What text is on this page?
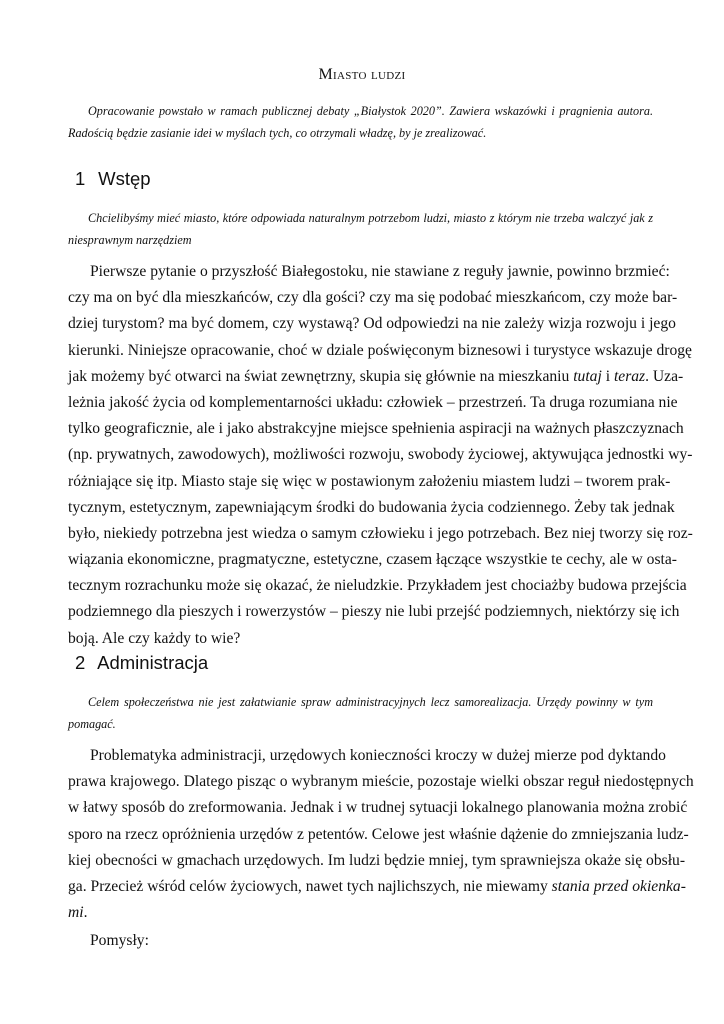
Miasto ludzi
Opracowanie powstało w ramach publicznej debaty „Białystok 2020”. Zawiera wskazówki i pragnienia autora. Radością będzie zasianie idei w myślach tych, co otrzymali władzę, by je zrealizować.
1 Wstęp
Chcielibyśmy mieć miasto, które odpowiada naturalnym potrzebom ludzi, miasto z którym nie trzeba walczyć jak z niesprawnym narzędziem
Pierwsze pytanie o przyszłość Białegostoku, nie stawiane z reguły jawnie, powinno brzmieć:
czy ma on być dla mieszkańców, czy dla gości? czy ma się podobać mieszkańcom, czy może bar-
dziej turystom? ma być domem, czy wystawą? Od odpowiedzi na nie zależy wizja rozwoju i jego
kierunki. Niniejsze opracowanie, choć w dziale poświęconym biznesowi i turystyce wskazuje drogę
jak możemy być otwarci na świat zewnętrzny, skupia się głównie na mieszkaniu tutaj i teraz. Uza-
leżnia jakość życia od komplementarności układu: człowiek – przestrzeń. Ta druga rozumiana nie
tylko geograficznie, ale i jako abstrakcyjne miejsce spełnienia aspiracji na ważnych płaszczyznach
(np. prywatnych, zawodowych), możliwości rozwoju, swobody życiowej, aktywująca jednostki wy-
różniające się itp. Miasto staje się więc w postawionym założeniu miastem ludzi – tworem prak-
tycznym, estetycznym, zapewniającym środki do budowania życia codziennego. Żeby tak jednak
było, niekiedy potrzebna jest wiedza o samym człowieku i jego potrzebach. Bez niej tworzy się roz-
wiązania ekonomiczne, pragmatyczne, estetyczne, czasem łączące wszystkie te cechy, ale w osta-
tecznym rozrachunku może się okazać, że nieludzkie. Przykładem jest chociażby budowa przejścia
podziemnego dla pieszych i rowerzystów – pieszy nie lubi przejść podziemnych, niektórzy się ich
boją. Ale czy każdy to wie?
2 Administracja
Celem społeczeństwa nie jest załatwianie spraw administracyjnych lecz samorealizacja. Urzędy powinny w tym pomagać.
Problematyka administracji, urzędowych konieczności kroczy w dużej mierze pod dyktando
prawa krajowego. Dlatego pisząc o wybranym mieście, pozostaje wielki obszar reguł niedostępnych
w łatwy sposób do zreformowania. Jednak i w trudnej sytuacji lokalnego planowania można zrobić
sporo na rzecz opróżnienia urzędów z petentów. Celowe jest właśnie dążenie do zmniejszania ludz-
kiej obecności w gmachach urzędowych. Im ludzi będzie mniej, tym sprawniejsza okaże się obsłu-
ga. Przecież wśród celów życiowych, nawet tych najlichszych, nie miewamy stania przed okienka-
mi.
Pomysły:
